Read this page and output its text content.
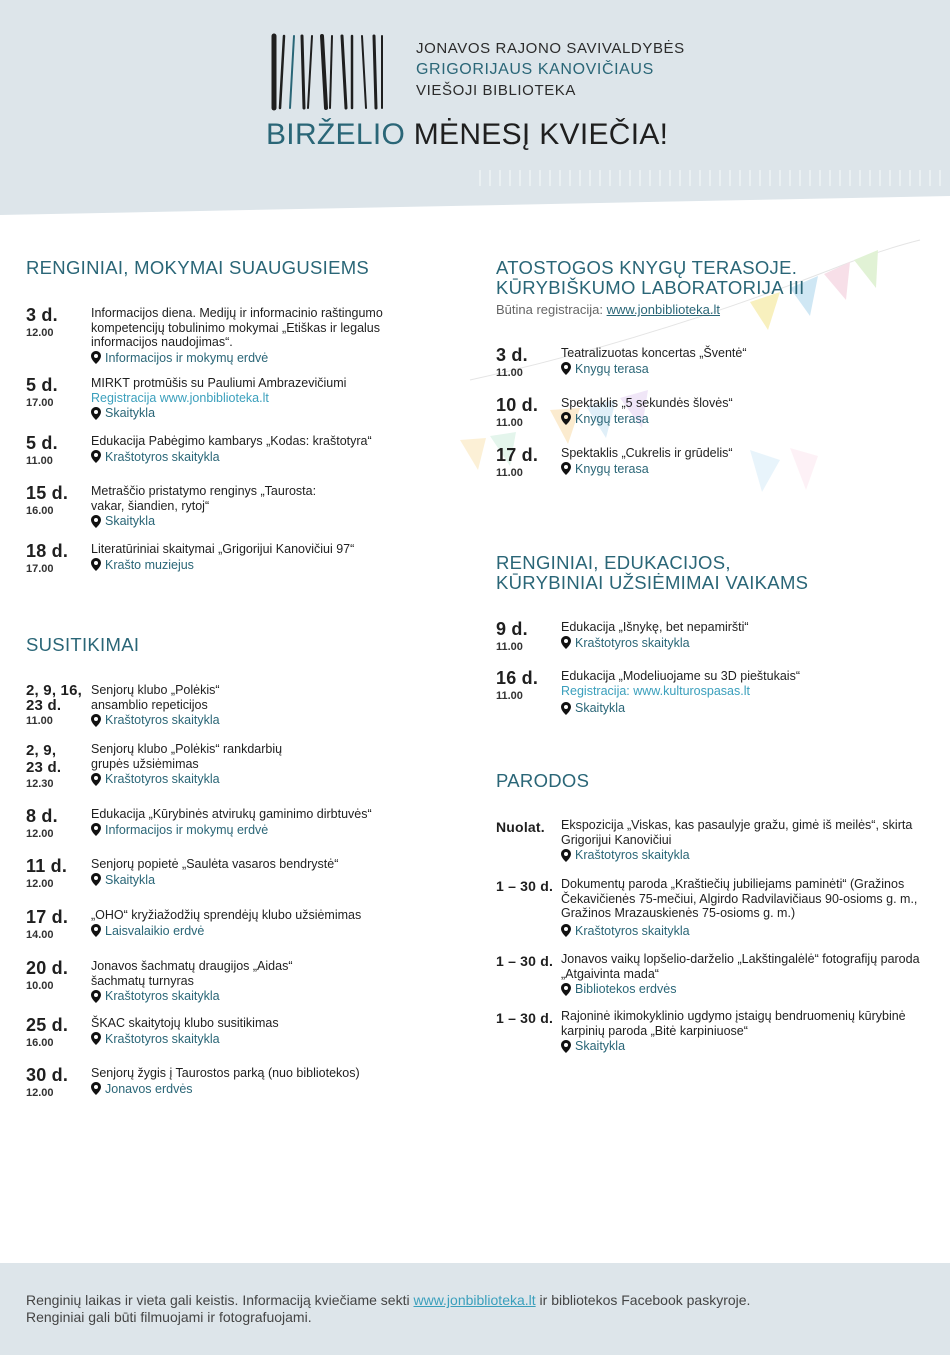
JONAVOS RAJONO SAVIVALDYBĖS
GRIGORIJAUS KANOVIČIAUS
VIEŠOJI BIBLIOTEKA
BIRŽELIO MĖNESĮ KVIEČIA!
RENGINIAI, MOKYMAI SUAUGUSIEMS
3 d.
12.00
Informacijos diena. Medijų ir informacinio raštingumo kompetencijų tobulinimo mokymai „Etiškas ir legalus informacijos naudojimas“.
Informacijos ir mokymų erdvė
5 d.
17.00
MIRKT protmūšis su Pauliumi Ambrazevičiumi
Registracija www.jonbiblioteka.lt
Skaitykla
5 d.
11.00
Edukacija Pabėgimo kambarys „Kodas: kraštotyra“
Kraštotyros skaitykla
15 d.
16.00
Metraščio pristatymo renginys „Taurosta: vakar, šiandien, rytoj“
Skaitykla
18 d.
17.00
Literatūriniai skaitymai „Grigorijui Kanovičiui 97“
Krašto muziejus
SUSITIKIMAI
2, 9, 16, 23 d.
11.00
Senjorų klubo „Polėkis“ ansamblio repeticijos
Kraštotyros skaitykla
2, 9, 23 d.
12.30
Senjorų klubo „Polėkis“ rankdarbių grupės užsiėmimas
Kraštotyros skaitykla
8 d.
12.00
Edukacija „Kūrybinės atvirukų gaminimo dirbtuvės“
Informacijos ir mokymų erdvė
11 d.
12.00
Senjorų popietė „Saulėta vasaros bendrystė“
Skaitykla
17 d.
14.00
„OHO“ kryžiažodžių sprendėjų klubo užsiėmimas
Laisvalaikio erdvė
20 d.
10.00
Jonavos šachmatų draugijos „Aidas“ šachmatų turnyras
Kraštotyros skaitykla
25 d.
16.00
ŠKAC skaitytojų klubo susitikimas
Kraštotyros skaitykla
30 d.
12.00
Senjorų žygis į Taurostos parką (nuo bibliotekos)
Jonavos erdvės
ATOSTOGOS KNYGŲ TERASOJE.
KŪRYBIŠKUMO LABORATORIJA III
Būtina registracija: www.jonbiblioteka.lt
3 d.
11.00
Teatralizuotas koncertas „Šventė“
Knygų terasa
10 d.
11.00
Spektaklis „5 sekundės šlovės“
Knygų terasa
17 d.
11.00
Spektaklis „Cukrelis ir grūdelis“
Knygų terasa
RENGINIAI, EDUKACIJOS,
KŪRYBINIAI UŽSIĖMIMAI VAIKAMS
9 d.
11.00
Edukacija „Išnykę, bet nepamiršti“
Kraštotyros skaitykla
16 d.
11.00
Edukacija „Modeliuojame su 3D pieštukais“
Registracija: www.kulturospasas.lt
Skaitykla
PARODOS
Nuolat.	Ekspozicija „Viskas, kas pasaulyje gražu, gimė iš meilės“, skirta Grigorijui Kanovičiui
Kraštotyros skaitykla
1 – 30 d. Dokumentų paroda „Kraštiečių jubiliejams paminėti“ (Gražinos Čekavičienės 75-mečiui, Algirdo Radvilavičiaus 90-osioms g. m., Gražinos Mrazauskienės 75-osioms g. m.)
Kraštotyros skaitykla
1 – 30 d. Jonavos vaikų lopšelio-darželio „Lakštingalėlė“ fotografijų paroda „Atgaivinta mada“
Bibliotekos erdvės
1 – 30 d. Rajoninė ikimokyklinio ugdymo įstaigų bendruomenių kūrybinė karpinių paroda „Bitė karpiniuose“
Skaitykla
Renginių laikas ir vieta gali keistis. Informaciją kviečiame sekti www.jonbiblioteka.lt ir bibliotekos Facebook paskyroje.
Renginiai gali būti filmuojami ir fotografuojami.
